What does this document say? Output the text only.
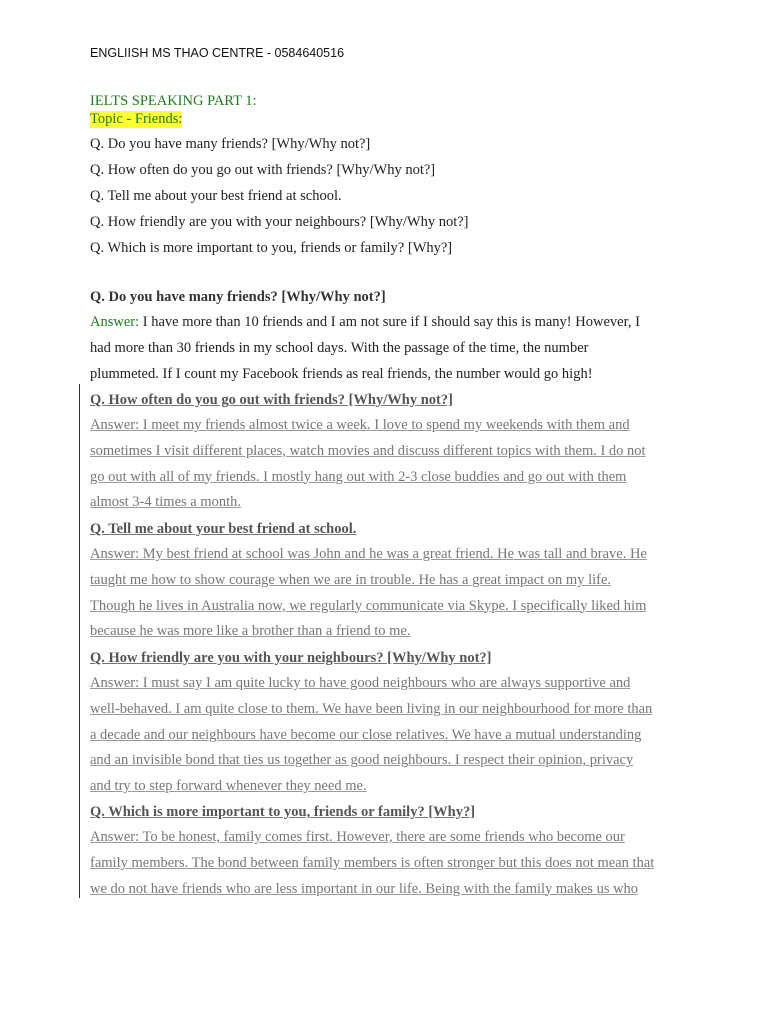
ENGLIISH MS THAO CENTRE - 0584640516
IELTS SPEAKING PART 1:
Topic - Friends:
Q. Do you have many friends? [Why/Why not?]
Q. How often do you go out with friends? [Why/Why not?]
Q. Tell me about your best friend at school.
Q. How friendly are you with your neighbours? [Why/Why not?]
Q. Which is more important to you, friends or family? [Why?]
Q. Do you have many friends? [Why/Why not?]
Answer: I have more than 10 friends and I am not sure if I should say this is many! However, I
had more than 30 friends in my school days. With the passage of the time, the number
plummeted. If I count my Facebook friends as real friends, the number would go high!
Q. How often do you go out with friends? [Why/Why not?]
Answer: I meet my friends almost twice a week. I love to spend my weekends with them and
sometimes I visit different places, watch movies and discuss different topics with them. I do not
go out with all of my friends. I mostly hang out with 2-3 close buddies and go out with them
almost 3-4 times a month.
Q. Tell me about your best friend at school.
Answer: My best friend at school was John and he was a great friend. He was tall and brave. He
taught me how to show courage when we are in trouble. He has a great impact on my life.
Though he lives in Australia now, we regularly communicate via Skype. I specifically liked him
because he was more like a brother than a friend to me.
Q. How friendly are you with your neighbours? [Why/Why not?]
Answer: I must say I am quite lucky to have good neighbours who are always supportive and
well-behaved. I am quite close to them. We have been living in our neighbourhood for more than
a decade and our neighbours have become our close relatives. We have a mutual understanding
and an invisible bond that ties us together as good neighbours. I respect their opinion, privacy
and try to step forward whenever they need me.
Q. Which is more important to you, friends or family? [Why?]
Answer: To be honest, family comes first. However, there are some friends who become our
family members. The bond between family members is often stronger but this does not mean that
we do not have friends who are less important in our life. Being with the family makes us who
